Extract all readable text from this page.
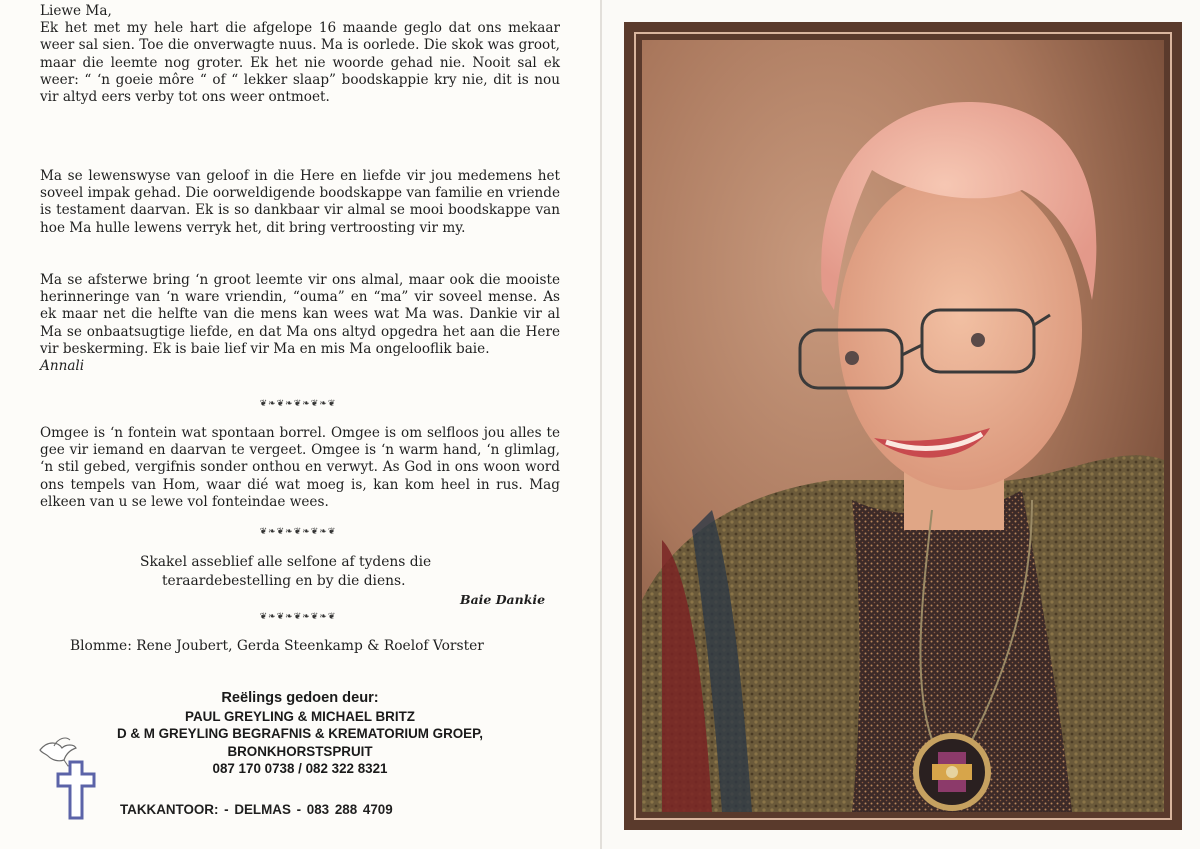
Liewe Ma,

Ek het met my hele hart die afgelope 16 maande geglo dat ons mekaar weer sal sien. Toe die onverwagte nuus. Ma is oorlede. Die skok was groot, maar die leemte nog groter. Ek het nie woorde gehad nie. Nooit sal ek weer: “ ‘n goeie môre “ of “ lekker slaap” boodskappie kry nie, dit is nou vir altyd eers verby tot ons weer ontmoet.

Ma se lewenswyse van geloof in die Here en liefde vir jou medemens het soveel impak gehad. Die oorweldigende boodskappe van familie en vriende is testament daarvan. Ek is so dankbaar vir almal se mooi boodskappe van hoe Ma hulle lewens verryk het, dit bring vertroosting vir my.

Ma se afsterwe bring ‘n groot leemte vir ons almal, maar ook die mooiste herinneringe van ‘n ware vriendin, “ouma” en “ma” vir soveel mense. As ek maar net die helfte van die mens kan wees wat Ma was. Dankie vir al Ma se onbaatsugtige liefde, en dat Ma ons altyd opgedra het aan die Here vir beskerming. Ek is baie lief vir Ma en mis Ma ongelooflik baie.

Annali

❦❧❦❧❦❧❦❧❦

Omgee is ‘n fontein wat spontaan borrel. Omgee is om selfloos jou alles te gee vir iemand en daarvan te vergeet. Omgee is ‘n warm hand, ‘n glimlag, ‘n stil gebed, vergifnis sonder onthou en verwyt. As God in ons woon word ons tempels van Hom, waar dié wat moeg is, kan kom heel in rus. Mag elkeen van u se lewe vol fonteindae wees.

❦❧❦❧❦❧❦❧❦
Skakel asseblief alle selfone af tydens die
teraardebestelling en by die diens.
Baie Dankie
❦❧❦❧❦❧❦❧❦
Blomme: Rene Joubert, Gerda Steenkamp & Roelof Vorster
Reëlings gedoen deur:
PAUL GREYLING & MICHAEL BRITZ
D & M GREYLING BEGRAFNIS & KREMATORIUM GROEP,
BRONKHORSTSPRUIT
087 170 0738 / 082 322 8321
TAKKANTOOR: - DELMAS - 083 288 4709
